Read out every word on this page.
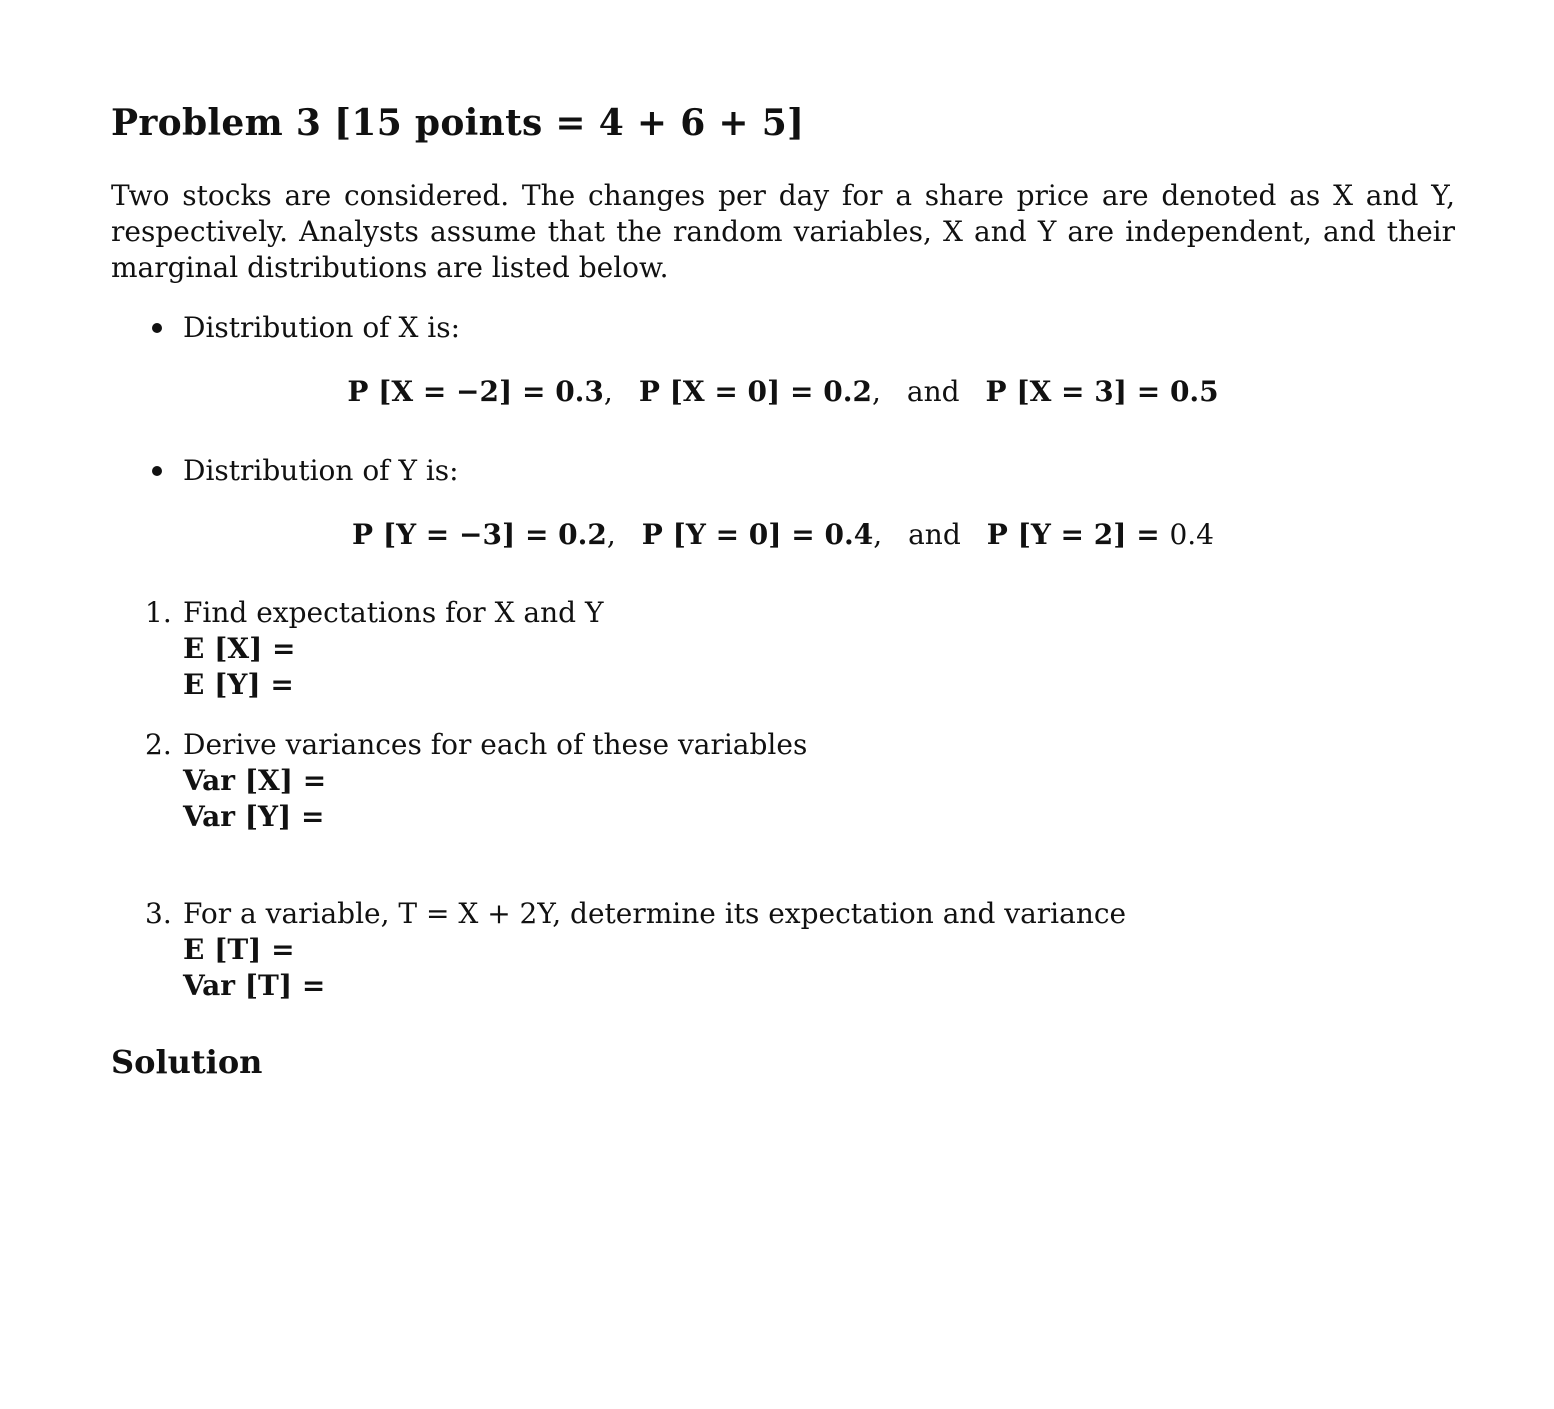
Problem 3 [15 points = 4 + 6 + 5]
Two stocks are considered. The changes per day for a share price are denoted as X and Y, respectively. Analysts assume that the random variables, X and Y are independent, and their marginal distributions are listed below.
Distribution of X is:
P [X = −2] = 0.3, P [X = 0] = 0.2, and P [X = 3] = 0.5
Distribution of Y is:
P [Y = −3] = 0.2, P [Y = 0] = 0.4, and P [Y = 2] = 0.4
1. Find expectations for X and Y
E [X] =
E [Y] =
2. Derive variances for each of these variables
Var [X] =
Var [Y] =
3. For a variable, T = X + 2Y, determine its expectation and variance
E [T] =
Var [T] =
Solution
